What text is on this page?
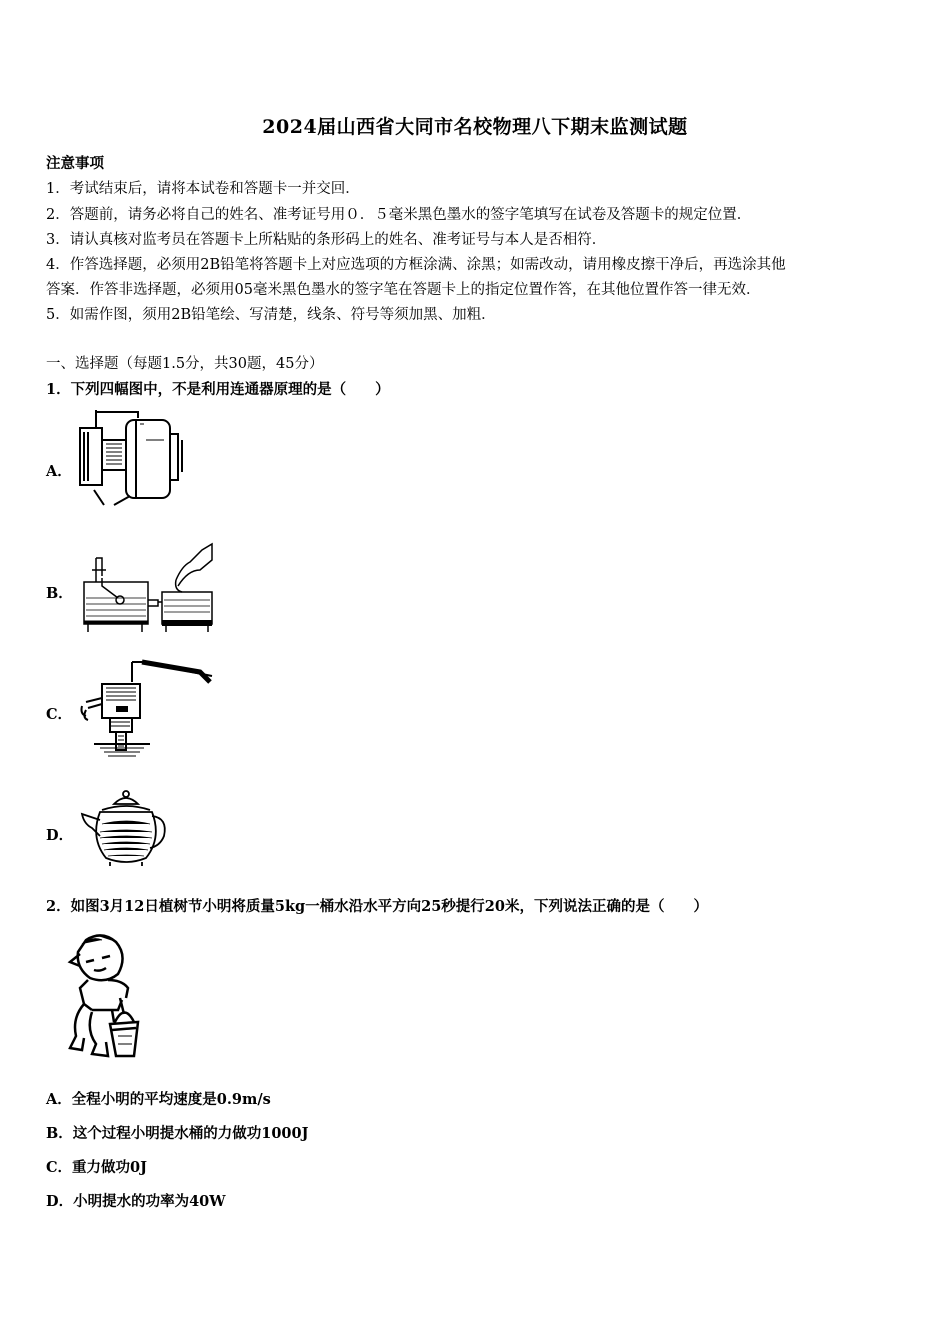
2024届山西省大同市名校物理八下期末监测试题
注意事项
1．考试结束后，请将本试卷和答题卡一并交回．
2．答题前，请务必将自己的姓名、准考证号用０．５毫米黑色墨水的签字笔填写在试卷及答题卡的规定位置．
3．请认真核对监考员在答题卡上所粘贴的条形码上的姓名、准考证号与本人是否相符．
4．作答选择题，必须用2B铅笔将答题卡上对应选项的方框涂满、涂黑；如需改动，请用橡皮擦干净后，再选涂其他
答案．作答非选择题，必须用05毫米黑色墨水的签字笔在答题卡上的指定位置作答，在其他位置作答一律无效．
5．如需作图，须用2B铅笔绘、写清楚，线条、符号等须加黑、加粗．
一、选择题（每题1.5分，共30题，45分）
1．下列四幅图中，不是利用连通器原理的是（　　）
A．
B．
C．
D．
2．如图3月12日植树节小明将质量5kg一桶水沿水平方向25秒提行20米，下列说法正确的是（　　）
A．全程小明的平均速度是0.9m/s
B．这个过程小明提水桶的力做功1000J
C．重力做功0J
D．小明提水的功率为40W
